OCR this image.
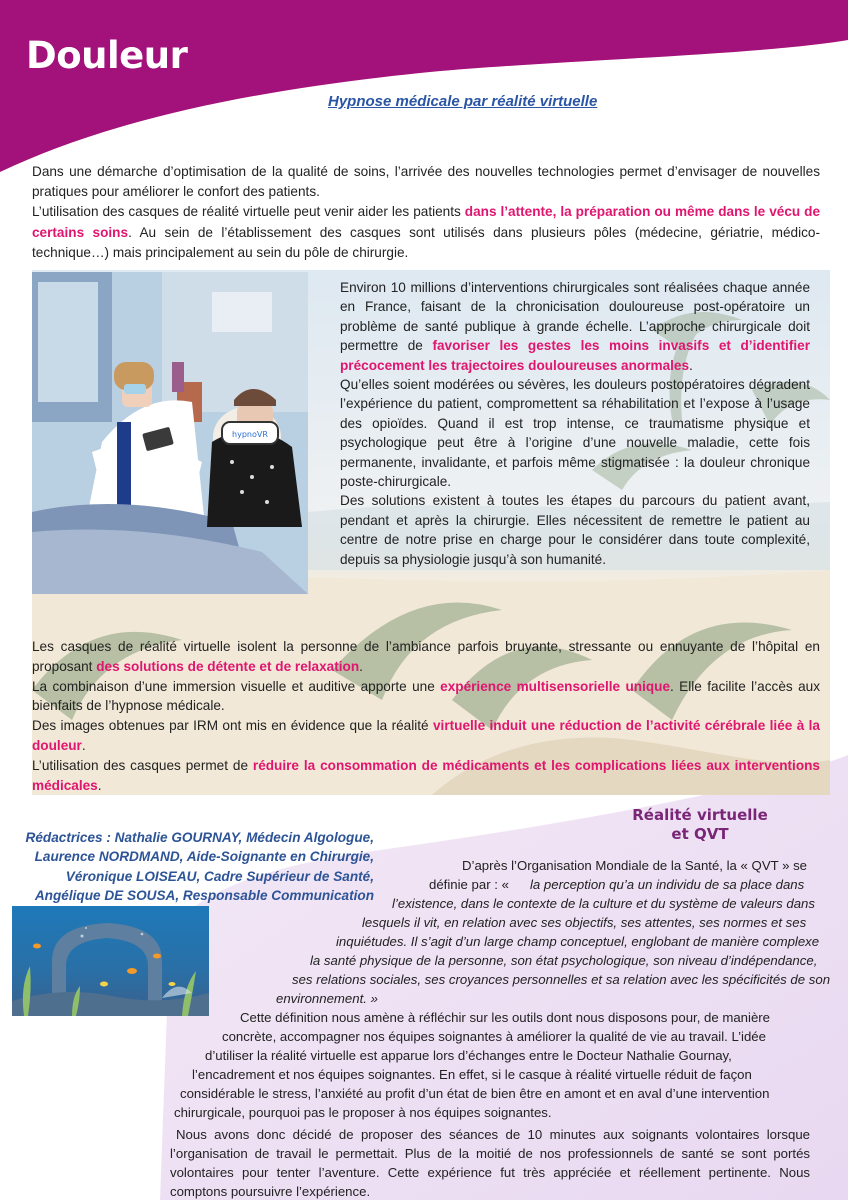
Douleur
Hypnose médicale par réalité virtuelle

Dans une démarche d’optimisation de la qualité de soins, l’arrivée des nouvelles technologies permet d’envisager de nouvelles pratiques pour améliorer le confort des patients.

L’utilisation des casques de réalité virtuelle peut venir aider les patients dans l’attente, la préparation ou même dans le vécu de certains soins. Au sein de l’établissement des casques sont utilisés dans plusieurs pôles (médecine, gériatrie, médico-technique…) mais principalement au sein du pôle de chirurgie.

hypnoVR

Environ 10 millions d’interventions chirurgicales sont réalisées chaque année en France, faisant de la chronicisation douloureuse post-opératoire un problème de santé publique à grande échelle. L’approche chirurgicale doit permettre de favoriser les gestes les moins invasifs et d’identifier précocement les trajectoires douloureuses anormales.

Qu’elles soient modérées ou sévères, les douleurs postopératoires dégradent l’expérience du patient, compromettent sa réhabilitation et l’expose à l’usage des opioïdes. Quand il est trop intense, ce traumatisme physique et psychologique peut être à l’origine d’une nouvelle maladie, cette fois permanente, invalidante, et parfois même stigmatisée : la douleur chronique poste-chirurgicale.

Des solutions existent à toutes les étapes du parcours du patient avant, pendant et après la chirurgie. Elles nécessitent de remettre le patient au centre de notre prise en charge pour le considérer dans toute complexité, depuis sa physiologie jusqu’à son humanité.

Les casques de réalité virtuelle isolent la personne de l’ambiance parfois bruyante, stressante ou ennuyante de l’hôpital en proposant des solutions de détente et de relaxation.

La combinaison d’une immersion visuelle et auditive apporte une expérience multisensorielle unique. Elle facilite l’accès aux bienfaits de l’hypnose médicale.

Des images obtenues par IRM ont mis en évidence que la réalité virtuelle induit une réduction de l’activité cérébrale liée à la douleur.

L’utilisation des casques permet de réduire la consommation de médicaments et les complications liées aux interventions médicales.

Rédactrices : Nathalie GOURNAY, Médecin Algologue,
Laurence NORDMAND, Aide-Soignante en Chirurgie,
Véronique LOISEAU, Cadre Supérieur de Santé,
Angélique DE SOUSA, Responsable Communication
Réalité virtuelle
et QVT
D’après l’Organisation Mondiale de la Santé, la « QVT » se
définie par : « la perception qu’a un individu de sa place dans
l’existence, dans le contexte de la culture et du système de valeurs dans
lesquels il vit, en relation avec ses objectifs, ses attentes, ses normes et ses
inquiétudes. Il s’agit d’un large champ conceptuel, englobant de manière complexe
la santé physique de la personne, son état psychologique, son niveau d’indépendance,
ses relations sociales, ses croyances personnelles et sa relation avec les spécificités de son
environnement. »
Cette définition nous amène à réfléchir sur les outils dont nous disposons pour, de manière
concrète, accompagner nos équipes soignantes à améliorer la qualité de vie au travail. L’idée
d’utiliser la réalité virtuelle est apparue lors d’échanges entre le Docteur Nathalie Gournay,
l’encadrement et nos équipes soignantes. En effet, si le casque à réalité virtuelle réduit de façon
considérable le stress, l’anxiété au profit d’un état de bien être en amont et en aval d’une intervention
chirurgicale, pourquoi pas le proposer à nos équipes soignantes.
Nous avons donc décidé de proposer des séances de 10 minutes aux soignants volontaires lorsque l’organisation de travail le permettait. Plus de la moitié de nos professionnels de santé se sont portés volontaires pour tenter l’aventure. Cette expérience fut très appréciée et réellement pertinente. Nous comptons poursuivre l’expérience.
